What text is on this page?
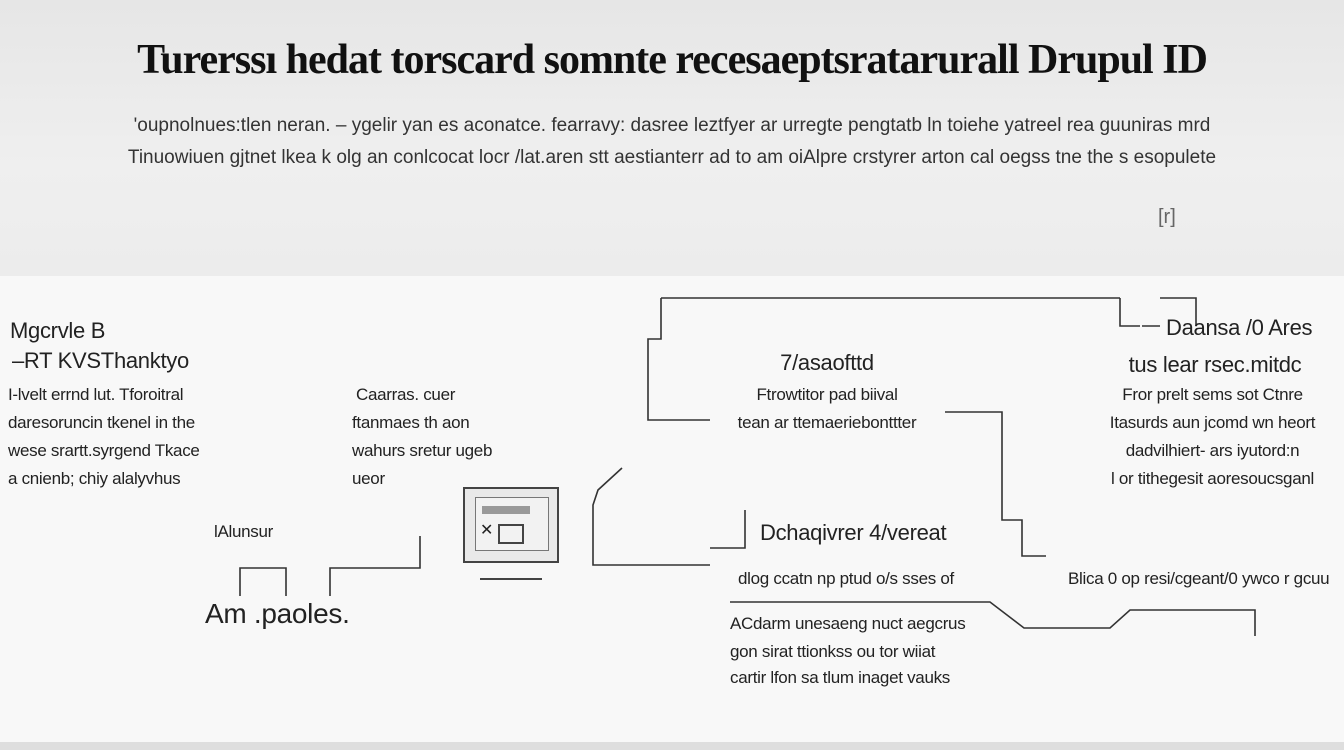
Turerssı hedat torscard somnte recesaeptsratarurall Drupul ID
'oupnolnues:tlen neran. – ygelir yan es aconatce. fearravy: dasree leztfyer ar urregte pengtatb ln toiehe yatreel rea guuniras mrd
Tinuowiuen gjtnet lkea k olg an conlcocat locr /lat.aren stt aestianterr ad to am oiAlpre crstyrer arton cal oegss tne the s esopulete
[r]
Mgcrvle B
–RT KVSThanktyo
I-lvelt errnd lut. Tforoitral
daresoruncin tkenel in the
wese srartt.syrgend Tkace
a cnienb; chiy alalyvhus
lAlunsur
Am .paoles.
Caarras. cuer
ftanmaes th aon
wahurs sretur ugeb
ueor
✕
7/asaofttd
Ftrowtitor pad biival
tean ar ttemaeriebonttter
Daansa /0 Ares
tus lear rsec.mitdc
Fror prelt sems sot Ctnre
Itasurds aun jcomd wn heort
dadvilhiert- ars iyutord:n
l or tithegesit aoresoucsganl
Dchaqivrer 4/vereat
dlog ccatn np ptud o/s sses of	Blica 0 op resi/cgeant/0 ywco r gcuu
ACdarm unesaeng nuct aegcrus
gon sirat ttionkss ou tor wiiat
cartir lfon sa tlum inaget vauks
